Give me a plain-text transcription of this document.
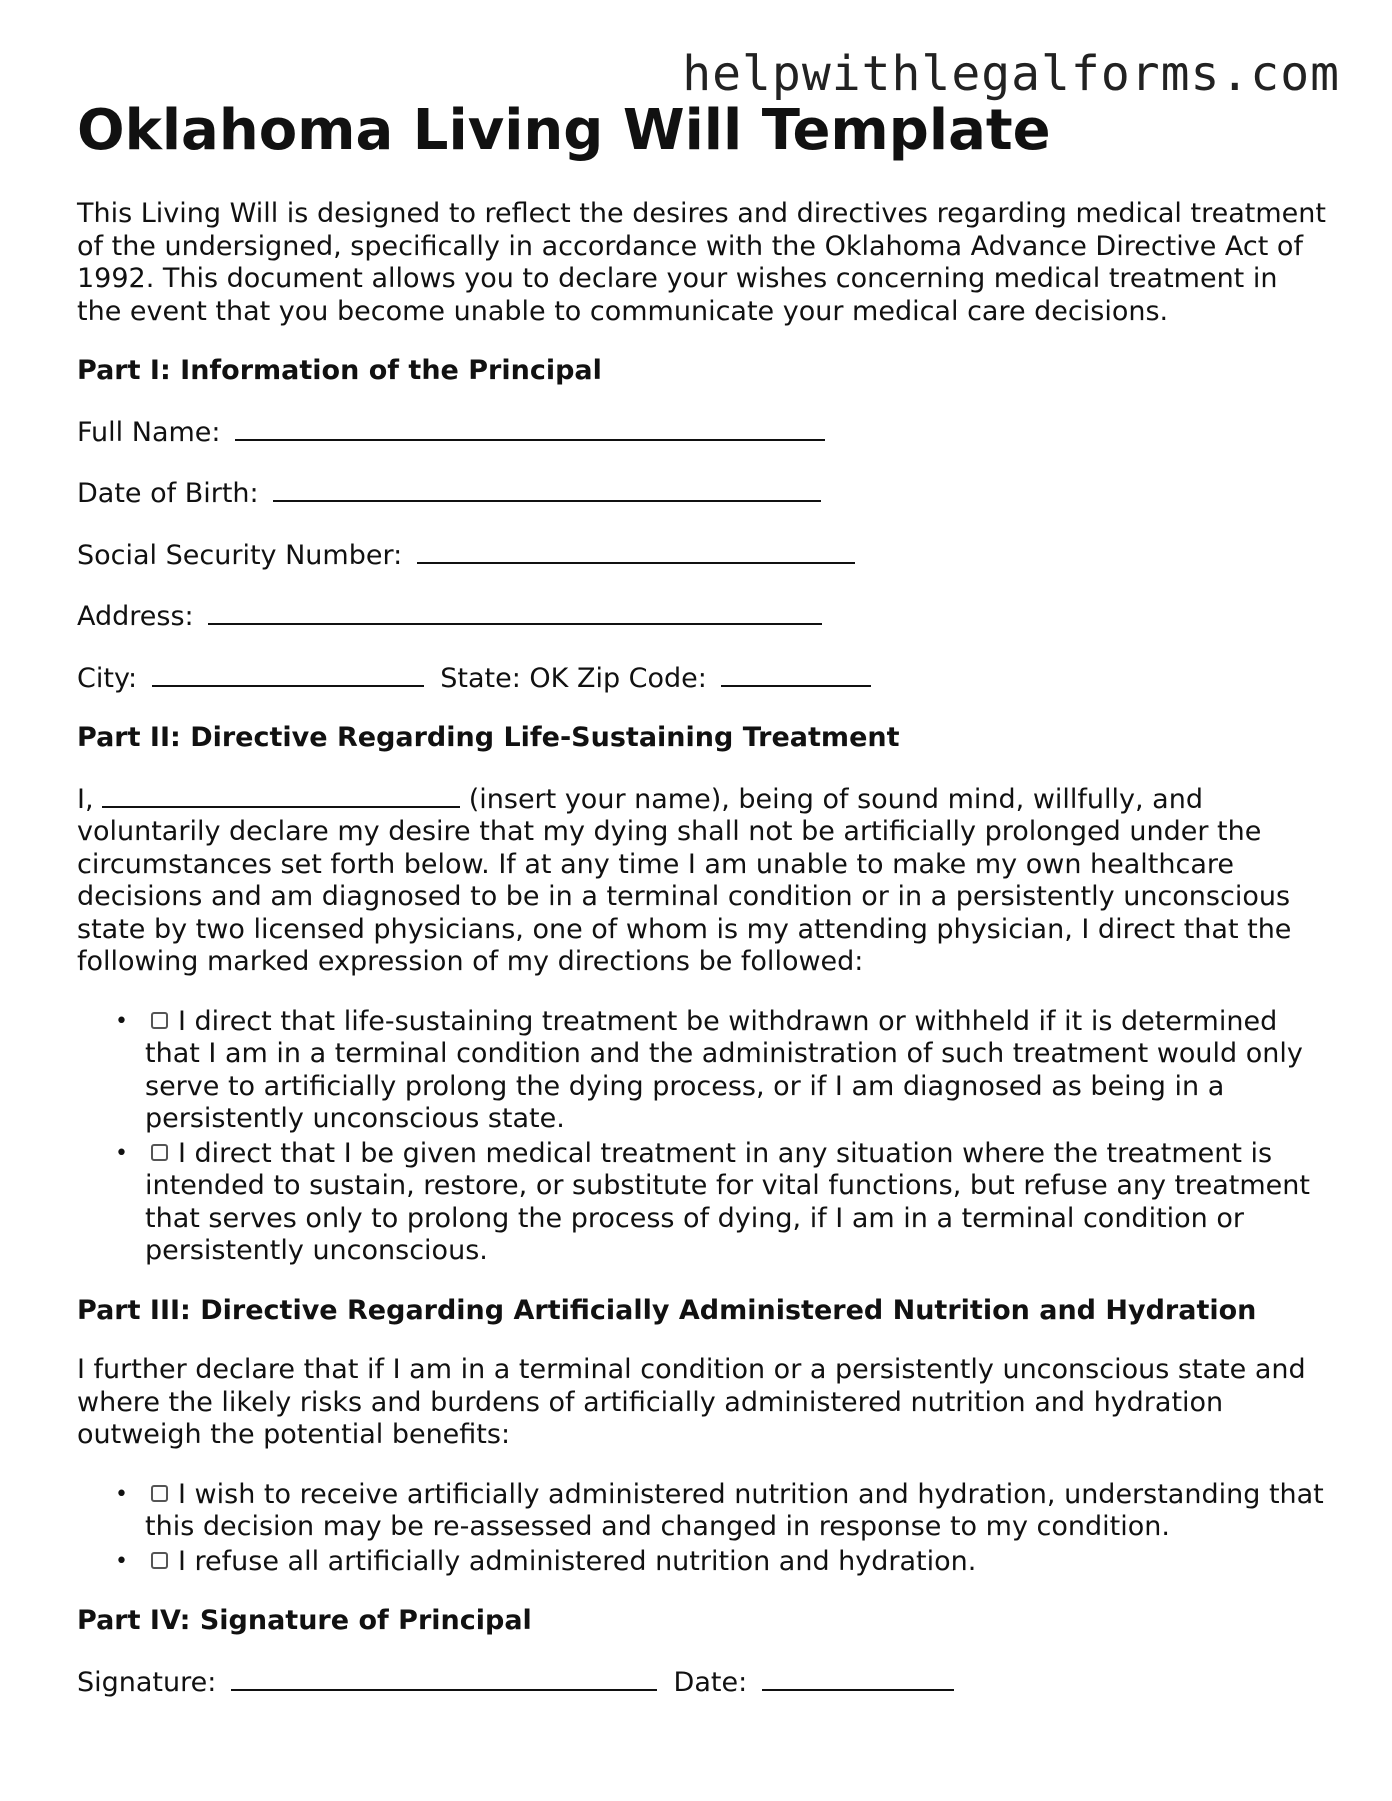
helpwithlegalforms.com
Oklahoma Living Will Template

This Living Will is designed to reflect the desires and directives regarding medical treatment of the undersigned, specifically in accordance with the Oklahoma Advance Directive Act of 1992. This document allows you to declare your wishes concerning medical treatment in the event that you become unable to communicate your medical care decisions.

Part I: Information of the Principal
Full Name:
Date of Birth:
Social Security Number:
Address:
City:	State: OK Zip Code:
Part II: Directive Regarding Life-Sustaining Treatment

I,	(insert your name), being of sound mind, willfully, and voluntarily declare my desire that my dying shall not be artificially prolonged under the circumstances set forth below. If at any time I am unable to make my own healthcare decisions and am diagnosed to be in a terminal condition or in a persistently unconscious state by two licensed physicians, one of whom is my attending physician, I direct that the following marked expression of my directions be followed:

• I direct that life-sustaining treatment be withdrawn or withheld if it is determined that I am in a terminal condition and the administration of such treatment would only serve to artificially prolong the dying process, or if I am diagnosed as being in a persistently unconscious state.
• I direct that I be given medical treatment in any situation where the treatment is intended to sustain, restore, or substitute for vital functions, but refuse any treatment that serves only to prolong the process of dying, if I am in a terminal condition or persistently unconscious.
Part III: Directive Regarding Artificially Administered Nutrition and Hydration

I further declare that if I am in a terminal condition or a persistently unconscious state and where the likely risks and burdens of artificially administered nutrition and hydration outweigh the potential benefits:

• I wish to receive artificially administered nutrition and hydration, understanding that this decision may be re-assessed and changed in response to my condition.
• I refuse all artificially administered nutrition and hydration.
Part IV: Signature of Principal
Signature:	Date:
